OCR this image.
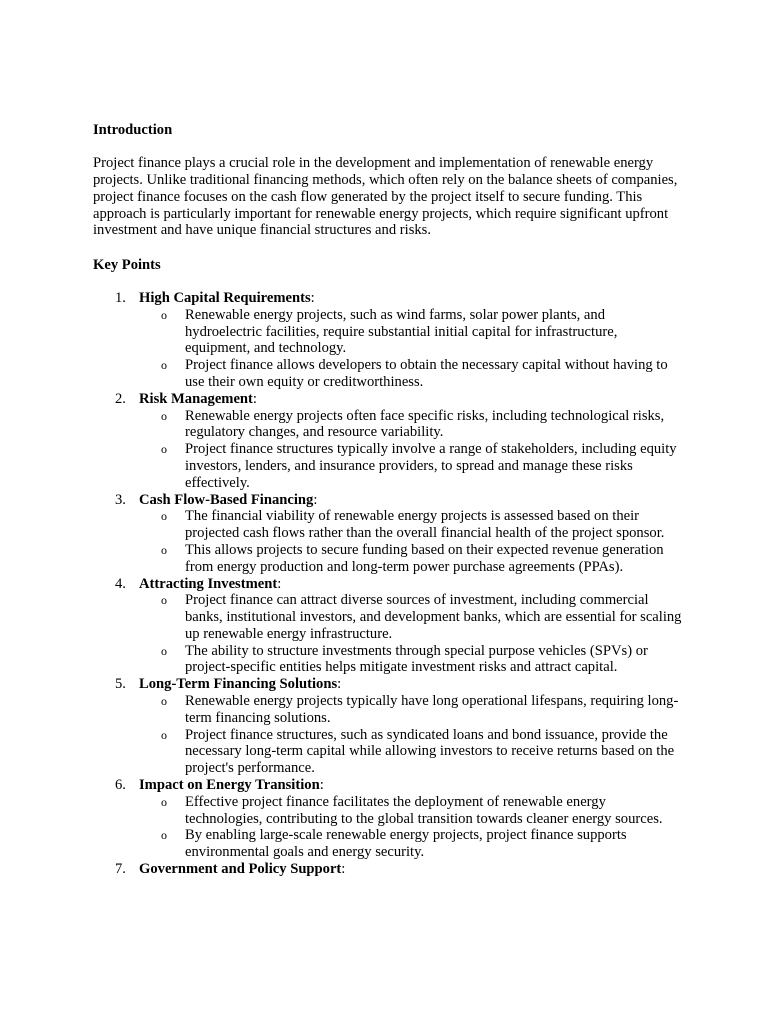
Introduction

Project finance plays a crucial role in the development and implementation of renewable energy projects. Unlike traditional financing methods, which often rely on the balance sheets of companies, project finance focuses on the cash flow generated by the project itself to secure funding. This approach is particularly important for renewable energy projects, which require significant upfront investment and have unique financial structures and risks.

Key Points
1. High Capital Requirements:
o Renewable energy projects, such as wind farms, solar power plants, and hydroelectric facilities, require substantial initial capital for infrastructure, equipment, and technology.
o Project finance allows developers to obtain the necessary capital without having to use their own equity or creditworthiness.
2. Risk Management:
o Renewable energy projects often face specific risks, including technological risks, regulatory changes, and resource variability.
o Project finance structures typically involve a range of stakeholders, including equity investors, lenders, and insurance providers, to spread and manage these risks effectively.
3. Cash Flow-Based Financing:
o The financial viability of renewable energy projects is assessed based on their projected cash flows rather than the overall financial health of the project sponsor.
o This allows projects to secure funding based on their expected revenue generation from energy production and long-term power purchase agreements (PPAs).
4. Attracting Investment:
o Project finance can attract diverse sources of investment, including commercial banks, institutional investors, and development banks, which are essential for scaling up renewable energy infrastructure.
o The ability to structure investments through special purpose vehicles (SPVs) or project-specific entities helps mitigate investment risks and attract capital.
5. Long-Term Financing Solutions:
o Renewable energy projects typically have long operational lifespans, requiring long-term financing solutions.
o Project finance structures, such as syndicated loans and bond issuance, provide the necessary long-term capital while allowing investors to receive returns based on the project's performance.
6. Impact on Energy Transition:
o Effective project finance facilitates the deployment of renewable energy technologies, contributing to the global transition towards cleaner energy sources.
o By enabling large-scale renewable energy projects, project finance supports environmental goals and energy security.
7. Government and Policy Support:
